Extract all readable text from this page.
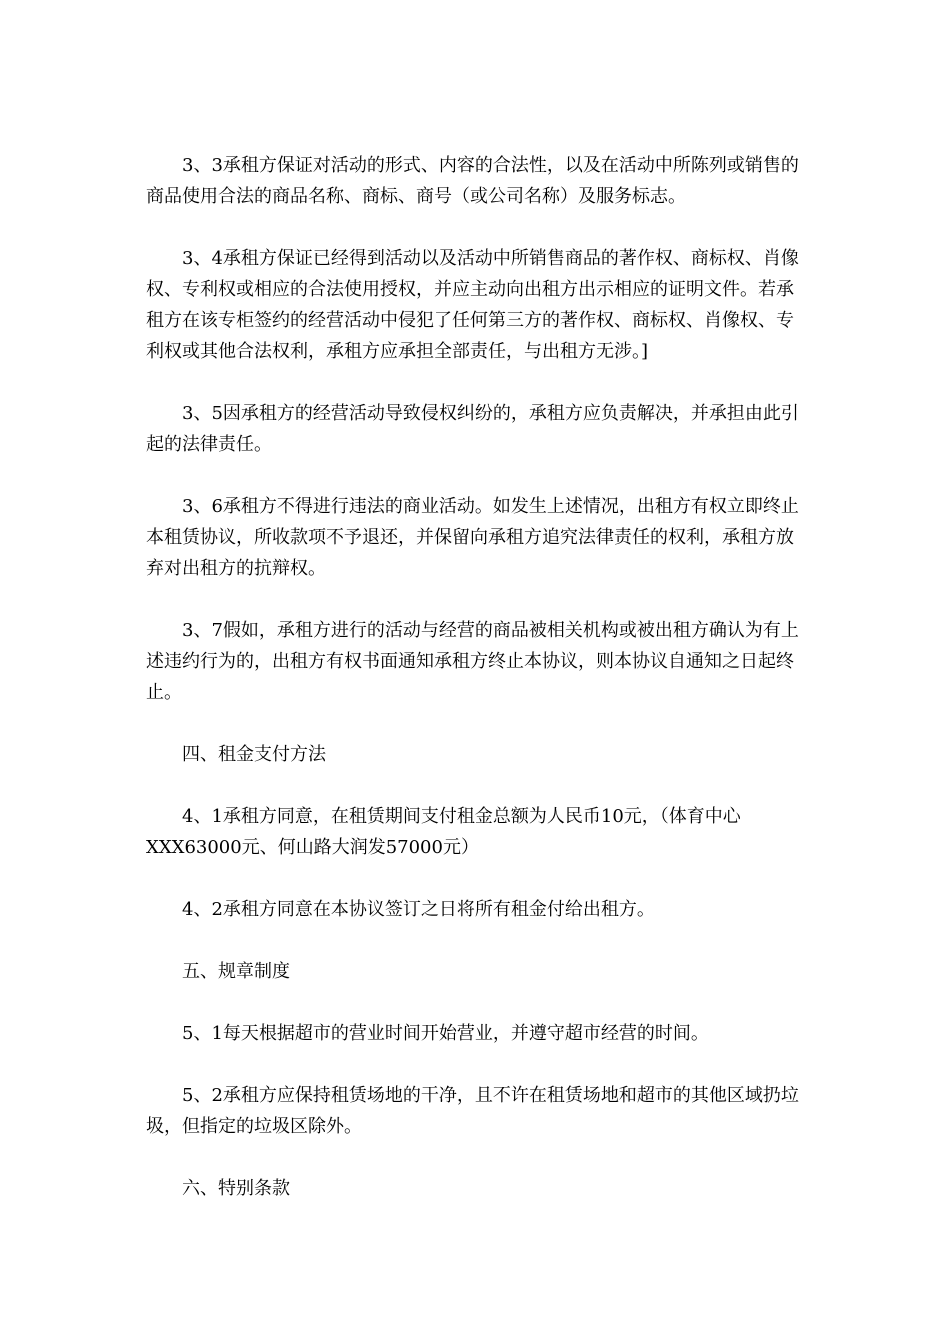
3、3承租方保证对活动的形式、内容的合法性，以及在活动中所陈列或销售的商品使用合法的商品名称、商标、商号（或公司名称）及服务标志。

3、4承租方保证已经得到活动以及活动中所销售商品的著作权、商标权、肖像权、专利权或相应的合法使用授权，并应主动向出租方出示相应的证明文件。若承租方在该专柜签约的经营活动中侵犯了任何第三方的著作权、商标权、肖像权、专利权或其他合法权利，承租方应承担全部责任，与出租方无涉。]

3、5因承租方的经营活动导致侵权纠纷的，承租方应负责解决，并承担由此引起的法律责任。

3、6承租方不得进行违法的商业活动。如发生上述情况，出租方有权立即终止本租赁协议，所收款项不予退还，并保留向承租方追究法律责任的权利，承租方放弃对出租方的抗辩权。

3、7假如，承租方进行的活动与经营的商品被相关机构或被出租方确认为有上述违约行为的，出租方有权书面通知承租方终止本协议，则本协议自通知之日起终止。

四、租金支付方法

4、1承租方同意，在租赁期间支付租金总额为人民币10元，（体育中心XXX63000元、何山路大润发57000元）

4、2承租方同意在本协议签订之日将所有租金付给出租方。

五、规章制度

5、1每天根据超市的营业时间开始营业，并遵守超市经营的时间。

5、2承租方应保持租赁场地的干净，且不许在租赁场地和超市的其他区域扔垃圾，但指定的垃圾区除外。

六、特别条款
